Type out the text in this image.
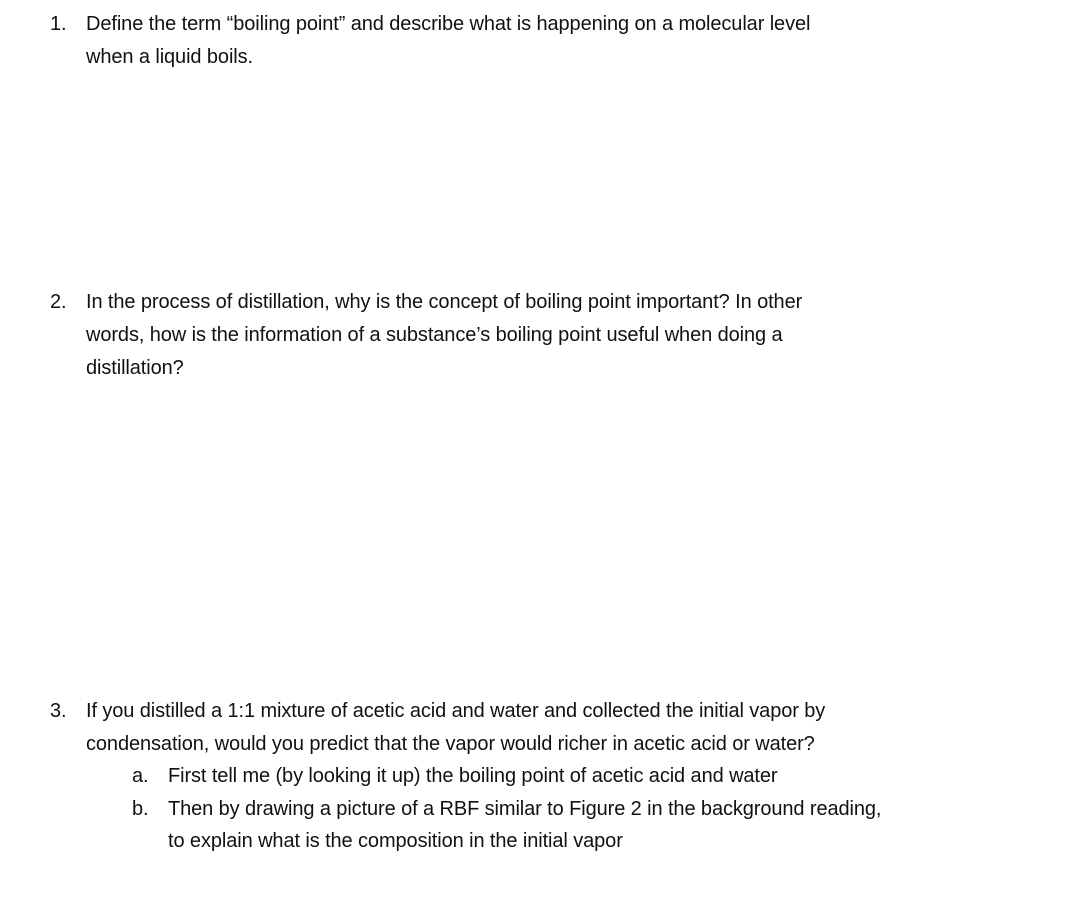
1. Define the term “boiling point” and describe what is happening on a molecular level
when a liquid boils.
2. In the process of distillation, why is the concept of boiling point important? In other
words, how is the information of a substance’s boiling point useful when doing a
distillation?
3. If you distilled a 1:1 mixture of acetic acid and water and collected the initial vapor by
condensation, would you predict that the vapor would richer in acetic acid or water?
a. First tell me (by looking it up) the boiling point of acetic acid and water
b. Then by drawing a picture of a RBF similar to Figure 2 in the background reading,
to explain what is the composition in the initial vapor
